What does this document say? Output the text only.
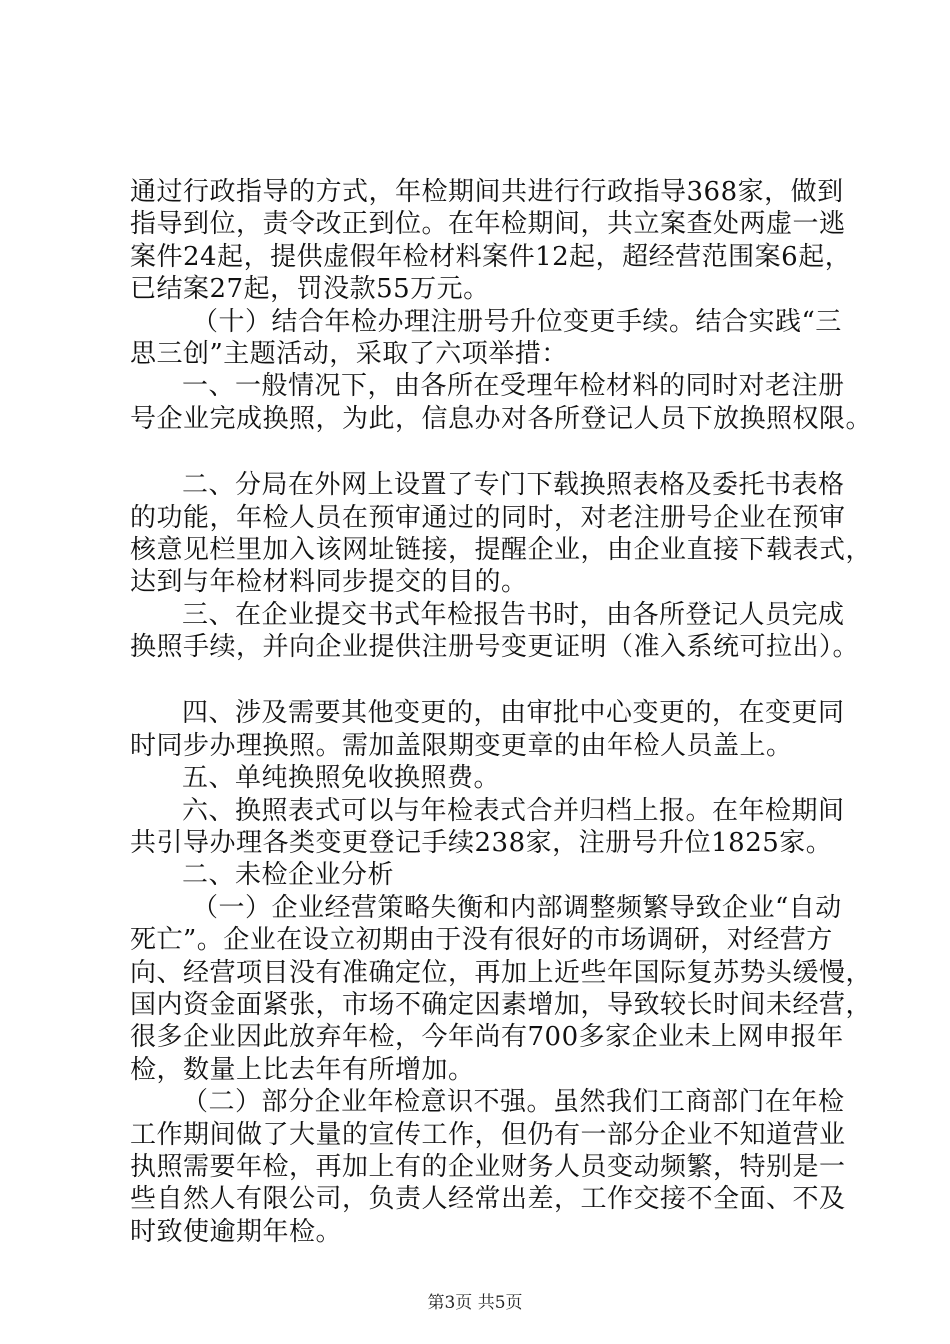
通过行政指导的方式，年检期间共进行行政指导368家，做到
指导到位，责令改正到位。在年检期间，共立案查处两虚一逃
案件24起，提供虚假年检材料案件12起，超经营范围案6起，
已结案27起，罚没款55万元。
（十）结合年检办理注册号升位变更手续。结合实践“三
思三创”主题活动，采取了六项举措：
一、一般情况下，由各所在受理年检材料的同时对老注册
号企业完成换照，为此，信息办对各所登记人员下放换照权限。
二、分局在外网上设置了专门下载换照表格及委托书表格
的功能，年检人员在预审通过的同时，对老注册号企业在预审
核意见栏里加入该网址链接，提醒企业，由企业直接下载表式，
达到与年检材料同步提交的目的。
三、在企业提交书式年检报告书时，由各所登记人员完成
换照手续，并向企业提供注册号变更证明（准入系统可拉出）。
四、涉及需要其他变更的，由审批中心变更的，在变更同
时同步办理换照。需加盖限期变更章的由年检人员盖上。
五、单纯换照免收换照费。
六、换照表式可以与年检表式合并归档上报。在年检期间
共引导办理各类变更登记手续238家，注册号升位1825家。
二、未检企业分析
（一）企业经营策略失衡和内部调整频繁导致企业“自动
死亡”。企业在设立初期由于没有很好的市场调研，对经营方
向、经营项目没有准确定位，再加上近些年国际复苏势头缓慢，
国内资金面紧张，市场不确定因素增加，导致较长时间未经营，
很多企业因此放弃年检，今年尚有700多家企业未上网申报年
检，数量上比去年有所增加。
（二）部分企业年检意识不强。虽然我们工商部门在年检
工作期间做了大量的宣传工作，但仍有一部分企业不知道营业
执照需要年检，再加上有的企业财务人员变动频繁，特别是一
些自然人有限公司，负责人经常出差，工作交接不全面、不及
时致使逾期年检。
第3页 共5页
